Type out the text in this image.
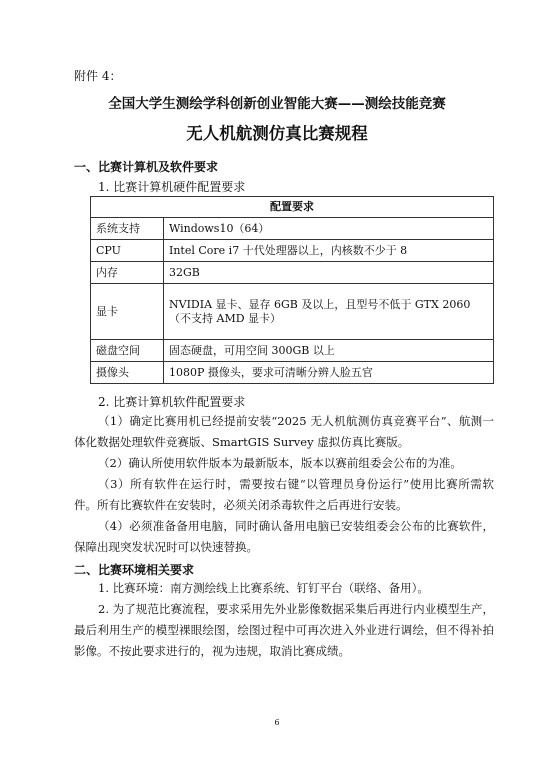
附件 4：
全国大学生测绘学科创新创业智能大赛——测绘技能竞赛
无人机航测仿真比赛规程
一、比赛计算机及软件要求
1. 比赛计算机硬件配置要求
配置要求	
系统支持	Windows10（64）
CPU	Intel Core i7 十代处理器以上，内核数不少于 8
内存	32GB
显卡	NVIDIA 显卡、显存 6GB 及以上，且型号不低于 GTX 2060
（不支持 AMD 显卡）

磁盘空间	固态硬盘，可用空间 300GB 以上
摄像头	1080P 摄像头，要求可清晰分辨人脸五官
2. 比赛计算机软件配置要求
（1）确定比赛用机已经提前安装“2025 无人机航测仿真竞赛平台”、航测一体化数据处理软件竞赛版、SmartGIS Survey 虚拟仿真比赛版。
（2）确认所使用软件版本为最新版本，版本以赛前组委会公布的为准。
（3）所有软件在运行时，需要按右键“以管理员身份运行”使用比赛所需软件。所有比赛软件在安装时，必须关闭杀毒软件之后再进行安装。
（4）必须准备备用电脑，同时确认备用电脑已安装组委会公布的比赛软件，保障出现突发状况时可以快速替换。
二、比赛环境相关要求
1. 比赛环境：南方测绘线上比赛系统、钉钉平台（联络、备用）。
2. 为了规范比赛流程，要求采用先外业影像数据采集后再进行内业模型生产，最后利用生产的模型裸眼绘图，绘图过程中可再次进入外业进行调绘，但不得补拍影像。不按此要求进行的，视为违规，取消比赛成绩。
6
